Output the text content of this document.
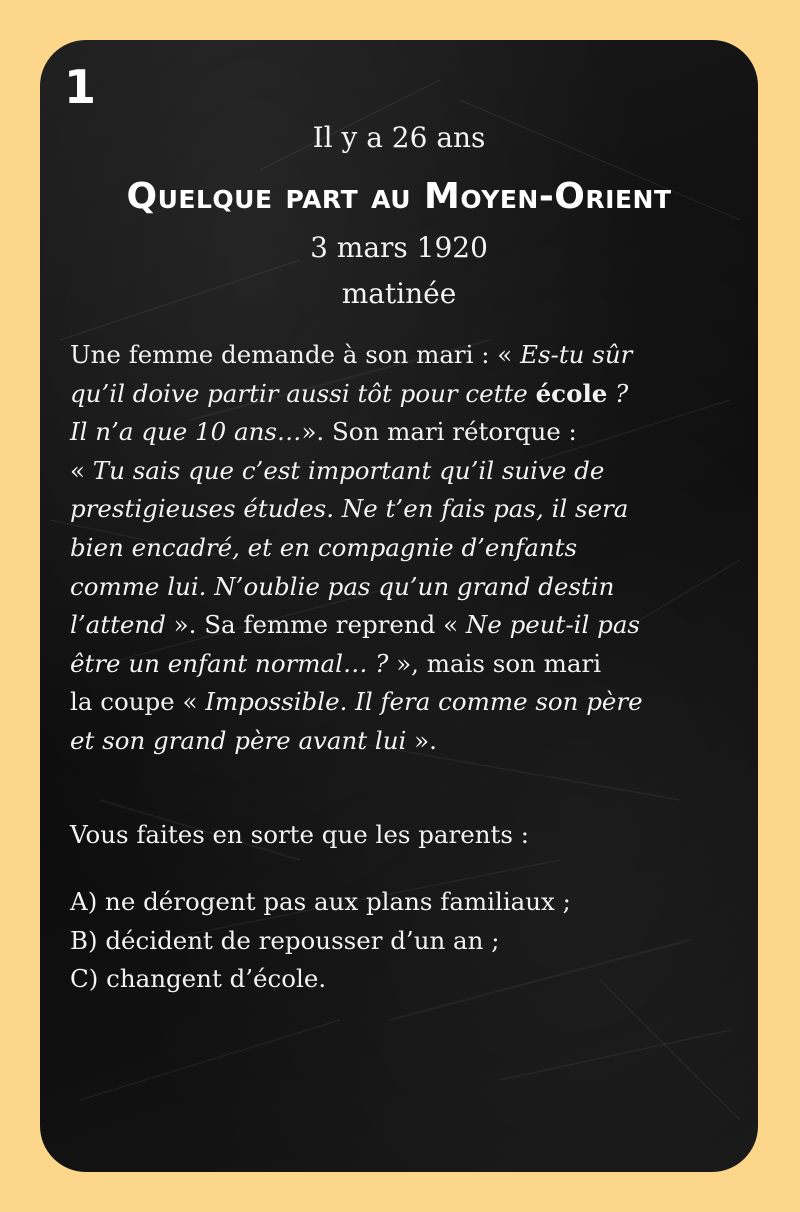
1
Il y a 26 ans
Quelque part au Moyen-Orient
3 mars 1920
matinée
Une femme demande à son mari : « Es-tu sûr
qu’il doive partir aussi tôt pour cette école ?
Il n’a que 10 ans…». Son mari rétorque :
« Tu sais que c’est important qu’il suive de
prestigieuses études. Ne t’en fais pas, il sera
bien encadré, et en compagnie d’enfants
comme lui. N’oublie pas qu’un grand destin
l’attend ». Sa femme reprend « Ne peut-il pas
être un enfant normal… ? », mais son mari
la coupe « Impossible. Il fera comme son père
et son grand père avant lui ».
Vous faites en sorte que les parents :
A) ne dérogent pas aux plans familiaux ;
B) décident de repousser d’un an ;
C) changent d’école.
